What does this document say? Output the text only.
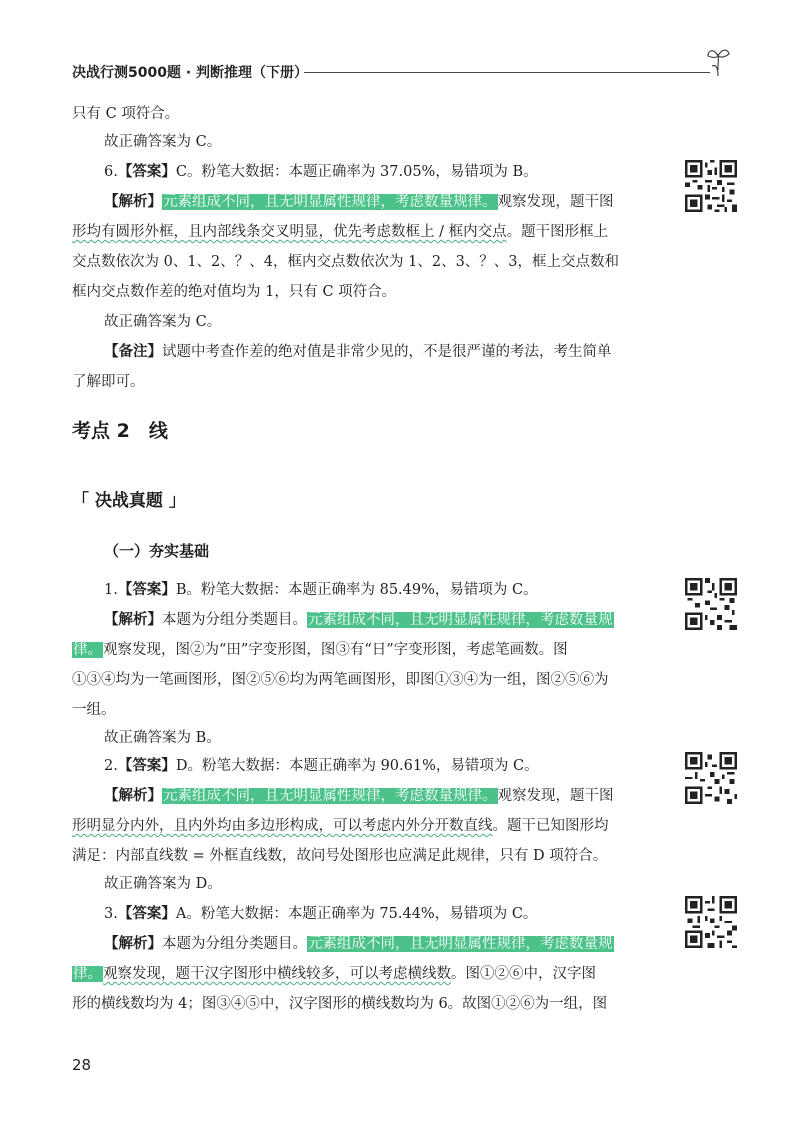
决战行测5000题 · 判断推理（下册）
只有 C 项符合。
故正确答案为 C。
6.【答案】C。粉笔大数据：本题正确率为 37.05%，易错项为 B。
【解析】元素组成不同，且无明显属性规律，考虑数量规律。观察发现，题干图
形均有圆形外框，且内部线条交叉明显，优先考虑数框上 / 框内交点。题干图形框上
交点数依次为 0、1、2、？、4，框内交点数依次为 1、2、3、？、3，框上交点数和
框内交点数作差的绝对值均为 1，只有 C 项符合。
故正确答案为 C。
【备注】试题中考查作差的绝对值是非常少见的，不是很严谨的考法，考生简单
了解即可。
考点 2　线
「 决战真题 」
（一）夯实基础
1.【答案】B。粉笔大数据：本题正确率为 85.49%，易错项为 C。
【解析】本题为分组分类题目。元素组成不同，且无明显属性规律，考虑数量规
律。观察发现，图②为“田”字变形图，图③有“日”字变形图，考虑笔画数。图
①③④均为一笔画图形，图②⑤⑥均为两笔画图形，即图①③④为一组，图②⑤⑥为
一组。
故正确答案为 B。
2.【答案】D。粉笔大数据：本题正确率为 90.61%，易错项为 C。
【解析】元素组成不同，且无明显属性规律，考虑数量规律。观察发现，题干图
形明显分内外，且内外均由多边形构成，可以考虑内外分开数直线。题干已知图形均
满足：内部直线数 = 外框直线数，故问号处图形也应满足此规律，只有 D 项符合。
故正确答案为 D。
3.【答案】A。粉笔大数据：本题正确率为 75.44%，易错项为 C。
【解析】本题为分组分类题目。元素组成不同，且无明显属性规律，考虑数量规
律。观察发现，题干汉字图形中横线较多，可以考虑横线数。图①②⑥中，汉字图
形的横线数均为 4；图③④⑤中，汉字图形的横线数均为 6。故图①②⑥为一组，图
28
